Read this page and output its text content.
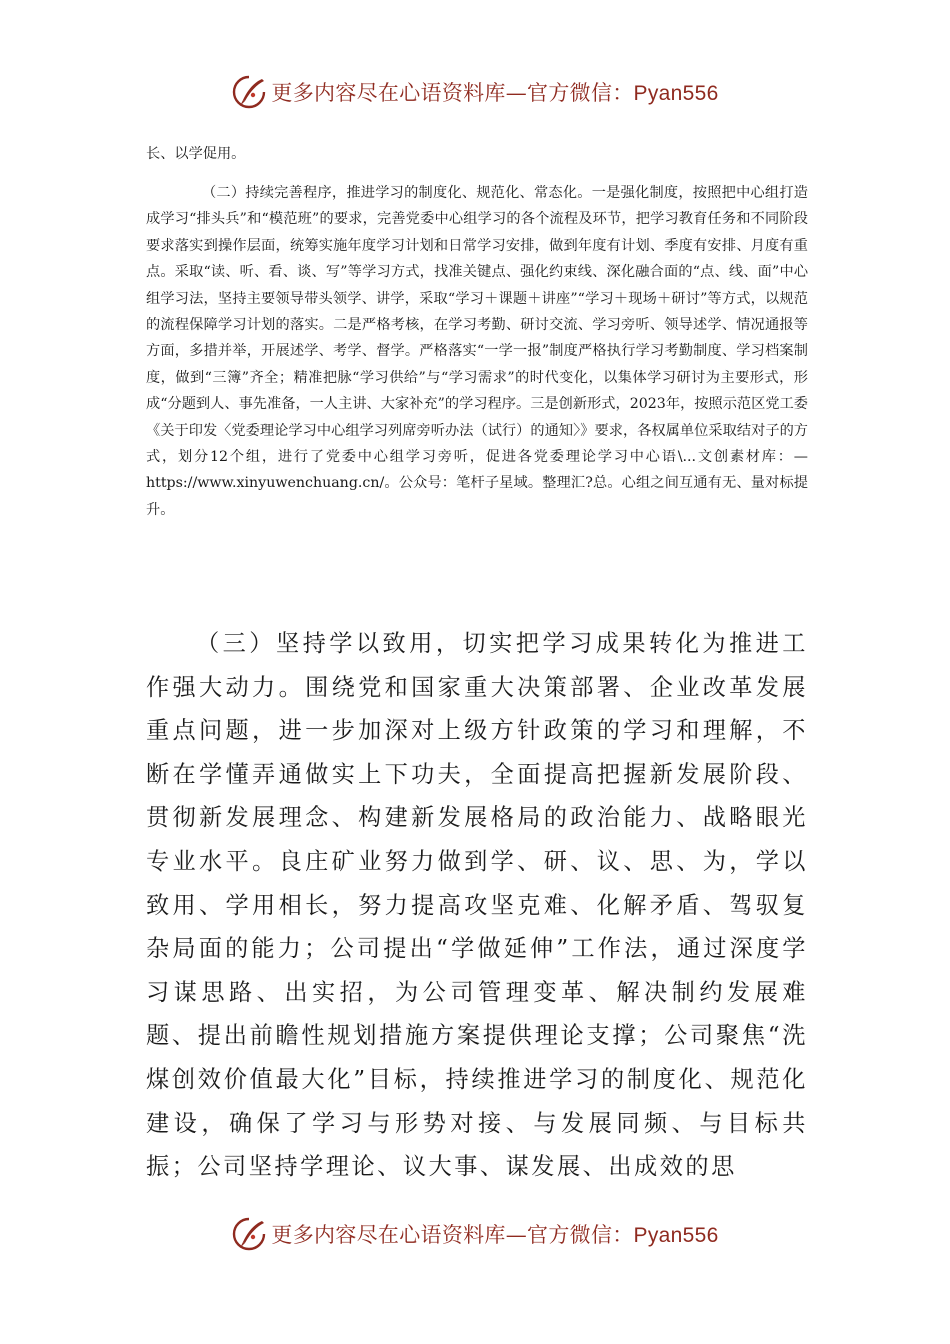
更多内容尽在心语资料库—官方微信：Pyan556

长、以学促用。

（二）持续完善程序，推进学习的制度化、规范化、常态化。一是强化制度，按照把中心组打造成学习“排头兵”和“模范班”的要求，完善党委中心组学习的各个流程及环节，把学习教育任务和不同阶段要求落实到操作层面，统筹实施年度学习计划和日常学习安排，做到年度有计划、季度有安排、月度有重点。采取“读、听、看、谈、写”等学习方式，找准关键点、强化约束线、深化融合面的“点、线、面”中心组学习法，坚持主要领导带头领学、讲学，采取“学习＋课题＋讲座”“学习＋现场＋研讨”等方式，以规范的流程保障学习计划的落实。二是严格考核，在学习考勤、研讨交流、学习旁听、领导述学、情况通报等方面，多措并举，开展述学、考学、督学。严格落实“一学一报”制度严格执行学习考勤制度、学习档案制度，做到“三簿”齐全；精准把脉“学习供给”与“学习需求”的时代变化，以集体学习研讨为主要形式，形成“分题到人、事先准备，一人主讲、大家补充”的学习程序。三是创新形式，2023年，按照示范区党工委《关于印发〈党委理论学习中心组学习列席旁听办法（试行）的通知〉》要求，各权属单位采取结对子的方式，划分12个组，进行了党委中心组学习旁听，促进各党委理论学习中心语\...文创素材库：—https://www.xinyuwenchuang.cn/。公众号：笔杆子星域。整理汇?总。心组之间互通有无、量对标提升。

（三）坚持学以致用，切实把学习成果转化为推进工作强大动力。围绕党和国家重大决策部署、企业改革发展重点问题，进一步加深对上级方针政策的学习和理解，不断在学懂弄通做实上下功夫，全面提高把握新发展阶段、贯彻新发展理念、构建新发展格局的政治能力、战略眼光专业水平。良庄矿业努力做到学、研、议、思、为，学以致用、学用相长，努力提高攻坚克难、化解矛盾、驾驭复杂局面的能力；公司提出“学做延伸”工作法，通过深度学习谋思路、出实招，为公司管理变革、解决制约发展难题、提出前瞻性规划措施方案提供理论支撑；公司聚焦“洗煤创效价值最大化”目标，持续推进学习的制度化、规范化建设，确保了学习与形势对接、与发展同频、与目标共振；公司坚持学理论、议大事、谋发展、出成效的思

更多内容尽在心语资料库—官方微信：Pyan556
